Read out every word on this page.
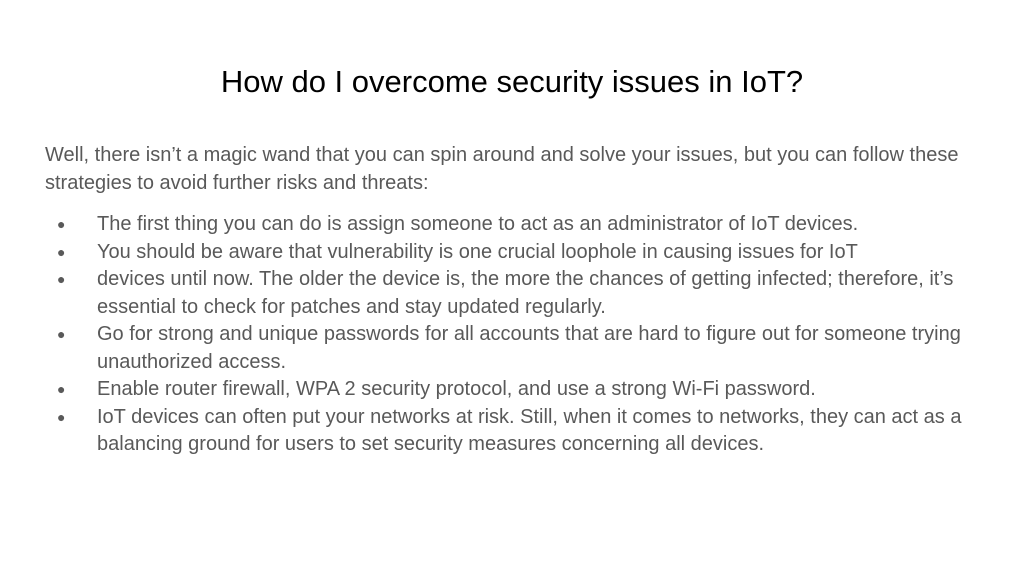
How do I overcome security issues in IoT?

Well, there isn’t a magic wand that you can spin around and solve your issues, but you can follow these strategies to avoid further risks and threats:

● The first thing you can do is assign someone to act as an administrator of IoT devices.
● You should be aware that vulnerability is one crucial loophole in causing issues for IoT
● devices until now. The older the device is, the more the chances of getting infected; therefore, it’s essential to check for patches and stay updated regularly.
● Go for strong and unique passwords for all accounts that are hard to figure out for someone trying unauthorized access.
● Enable router firewall, WPA 2 security protocol, and use a strong Wi-Fi password.
● IoT devices can often put your networks at risk. Still, when it comes to networks, they can act as a balancing ground for users to set security measures concerning all devices.
